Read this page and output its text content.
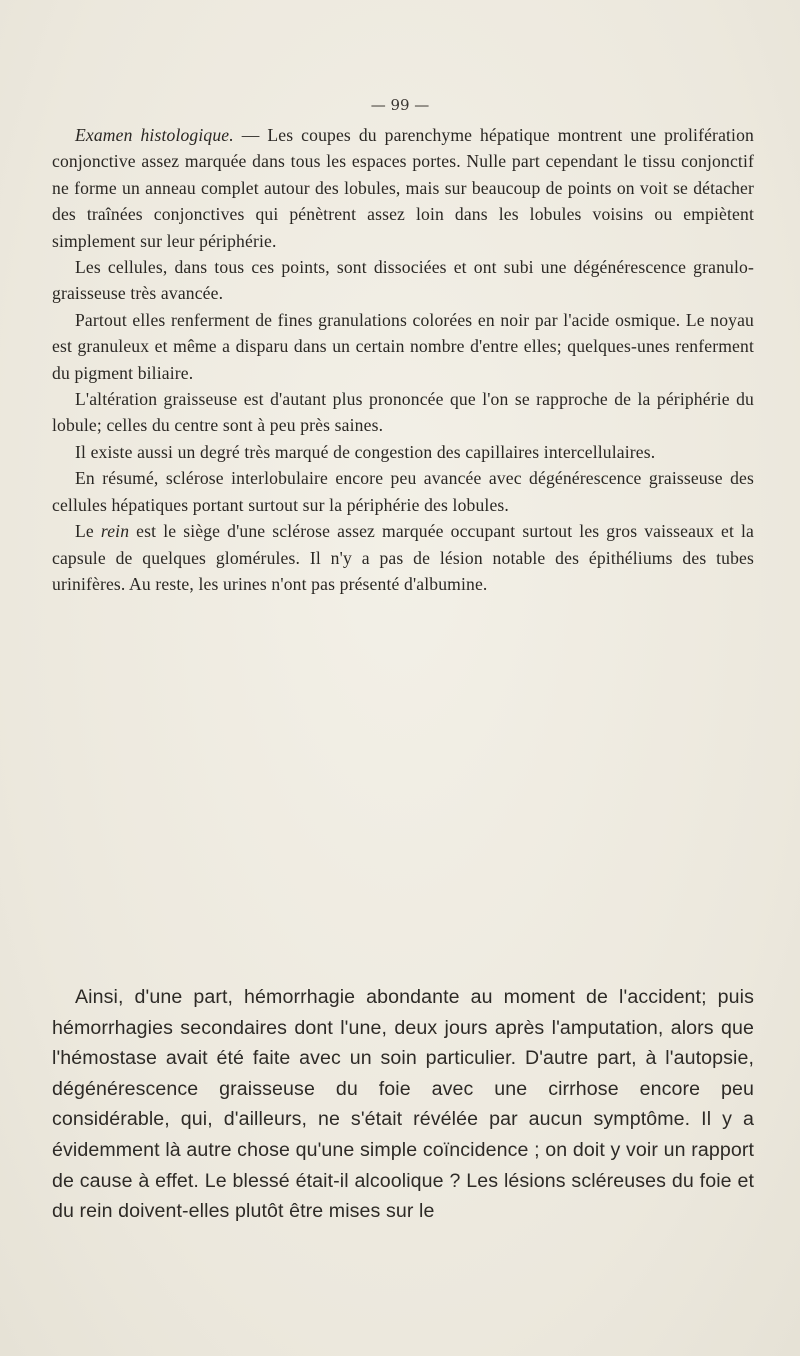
— 99 —

Examen histologique. — Les coupes du parenchyme hépatique montrent une prolifération conjonctive assez marquée dans tous les espaces portes. Nulle part cependant le tissu conjonctif ne forme un anneau complet autour des lobules, mais sur beaucoup de points on voit se détacher des traînées conjonctives qui pénètrent assez loin dans les lobules voisins ou empiètent simplement sur leur périphérie.

Les cellules, dans tous ces points, sont dissociées et ont subi une dégénérescence granulo-graisseuse très avancée.

Partout elles renferment de fines granulations colorées en noir par l'acide osmique. Le noyau est granuleux et même a disparu dans un certain nombre d'entre elles; quelques-unes renferment du pigment biliaire.

L'altération graisseuse est d'autant plus prononcée que l'on se rapproche de la périphérie du lobule; celles du centre sont à peu près saines.

Il existe aussi un degré très marqué de congestion des capillaires intercellulaires.

En résumé, sclérose interlobulaire encore peu avancée avec dégénérescence graisseuse des cellules hépatiques portant surtout sur la périphérie des lobules.

Le rein est le siège d'une sclérose assez marquée occupant surtout les gros vaisseaux et la capsule de quelques glomérules. Il n'y a pas de lésion notable des épithéliums des tubes urinifères. Au reste, les urines n'ont pas présenté d'albumine.

Ainsi, d'une part, hémorrhagie abondante au moment de l'accident; puis hémorrhagies secondaires dont l'une, deux jours après l'amputation, alors que l'hémostase avait été faite avec un soin particulier. D'autre part, à l'autopsie, dégénérescence graisseuse du foie avec une cirrhose encore peu considérable, qui, d'ailleurs, ne s'était révélée par aucun symptôme. Il y a évidemment là autre chose qu'une simple coïncidence ; on doit y voir un rapport de cause à effet. Le blessé était-il alcoolique ? Les lésions scléreuses du foie et du rein doivent-elles plutôt être mises sur le
